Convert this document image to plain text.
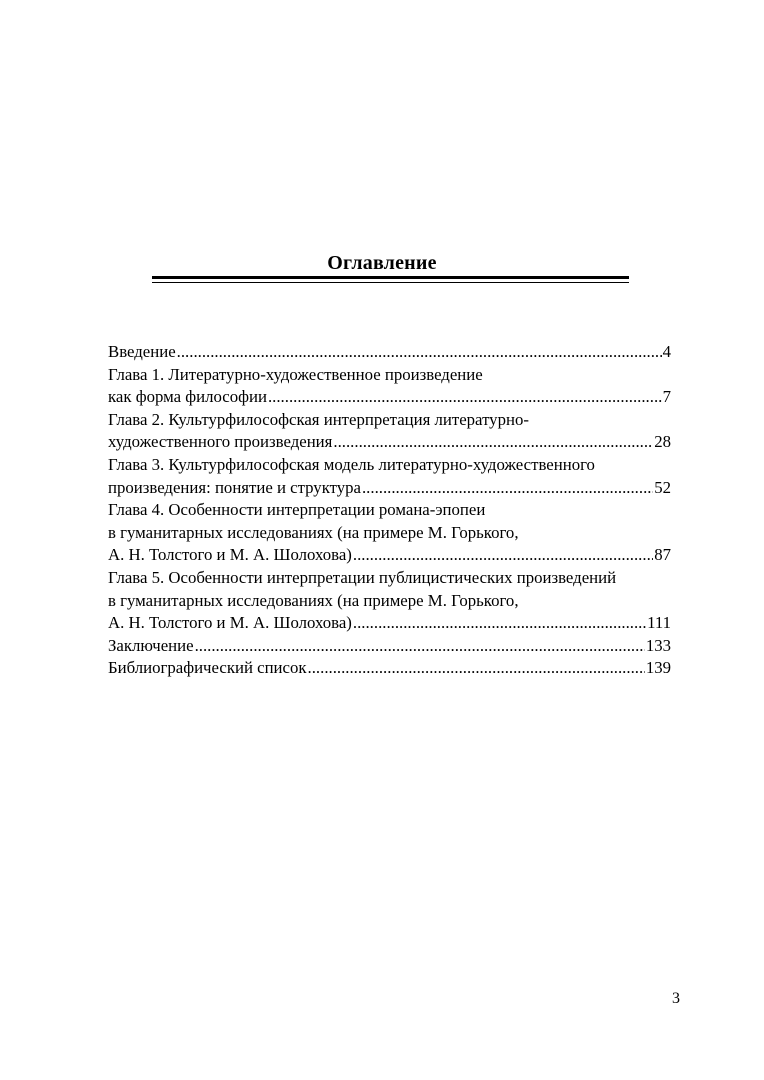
Оглавление
Введение .....	4
Глава 1. Литературно-художественное произведение
как форма философии .....	7
Глава 2. Культурфилософская интерпретация литературно-
художественного произведения .....	28
Глава 3. Культурфилософская модель литературно-художественного
произведения: понятие и структура .....	52
Глава 4. Особенности интерпретации романа-эпопеи
в гуманитарных исследованиях (на примере М. Горького,
А. Н. Толстого и М. А. Шолохова) .....	87
Глава 5. Особенности интерпретации публицистических произведений
в гуманитарных исследованиях (на примере М. Горького,
А. Н. Толстого и М. А. Шолохова) .....	111
Заключение .....	133
Библиографический список .....	139
3
